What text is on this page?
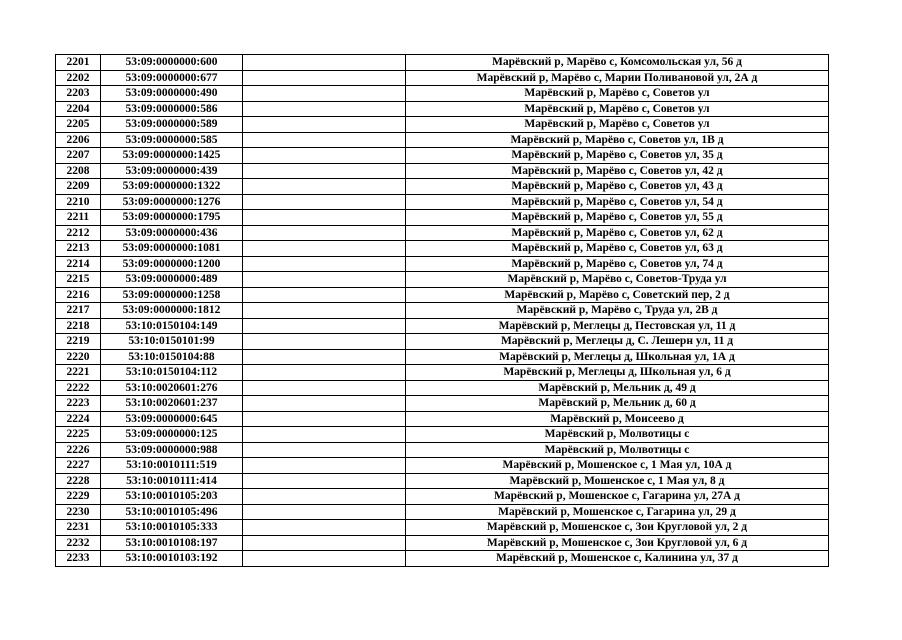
2201	53:09:0000000:600		Марёвский р, Марёво с, Комсомольская ул, 56 д
2202	53:09:0000000:677		Марёвский р, Марёво с, Марии Поливановой ул, 2А д
2203	53:09:0000000:490		Марёвский р, Марёво с, Советов ул
2204	53:09:0000000:586		Марёвский р, Марёво с, Советов ул
2205	53:09:0000000:589		Марёвский р, Марёво с, Советов ул
2206	53:09:0000000:585		Марёвский р, Марёво с, Советов ул, 1В д
2207	53:09:0000000:1425		Марёвский р, Марёво с, Советов ул, 35 д
2208	53:09:0000000:439		Марёвский р, Марёво с, Советов ул, 42 д
2209	53:09:0000000:1322		Марёвский р, Марёво с, Советов ул, 43 д
2210	53:09:0000000:1276		Марёвский р, Марёво с, Советов ул, 54 д
2211	53:09:0000000:1795		Марёвский р, Марёво с, Советов ул, 55 д
2212	53:09:0000000:436		Марёвский р, Марёво с, Советов ул, 62 д
2213	53:09:0000000:1081		Марёвский р, Марёво с, Советов ул, 63 д
2214	53:09:0000000:1200		Марёвский р, Марёво с, Советов ул, 74 д
2215	53:09:0000000:489		Марёвский р, Марёво с, Советов-Труда ул
2216	53:09:0000000:1258		Марёвский р, Марёво с, Советский пер, 2 д
2217	53:09:0000000:1812		Марёвский р, Марёво с, Труда ул, 2В д
2218	53:10:0150104:149		Марёвский р, Меглецы д, Пестовская ул, 11 д
2219	53:10:0150101:99		Марёвский р, Меглецы д, С. Лешерн ул, 11 д
2220	53:10:0150104:88		Марёвский р, Меглецы д, Школьная ул, 1А д
2221	53:10:0150104:112		Марёвский р, Меглецы д, Школьная ул, 6 д
2222	53:10:0020601:276		Марёвский р, Мельник д, 49 д
2223	53:10:0020601:237		Марёвский р, Мельник д, 60 д
2224	53:09:0000000:645		Марёвский р, Моисеево д
2225	53:09:0000000:125		Марёвский р, Молвотицы с
2226	53:09:0000000:988		Марёвский р, Молвотицы с
2227	53:10:0010111:519		Марёвский р, Мошенское с, 1 Мая ул, 10А д
2228	53:10:0010111:414		Марёвский р, Мошенское с, 1 Мая ул, 8 д
2229	53:10:0010105:203		Марёвский р, Мошенское с, Гагарина ул, 27А д
2230	53:10:0010105:496		Марёвский р, Мошенское с, Гагарина ул, 29 д
2231	53:10:0010105:333		Марёвский р, Мошенское с, Зои Кругловой ул, 2 д
2232	53:10:0010108:197		Марёвский р, Мошенское с, Зои Кругловой ул, 6 д
2233	53:10:0010103:192		Марёвский р, Мошенское с, Калинина ул, 37 д
